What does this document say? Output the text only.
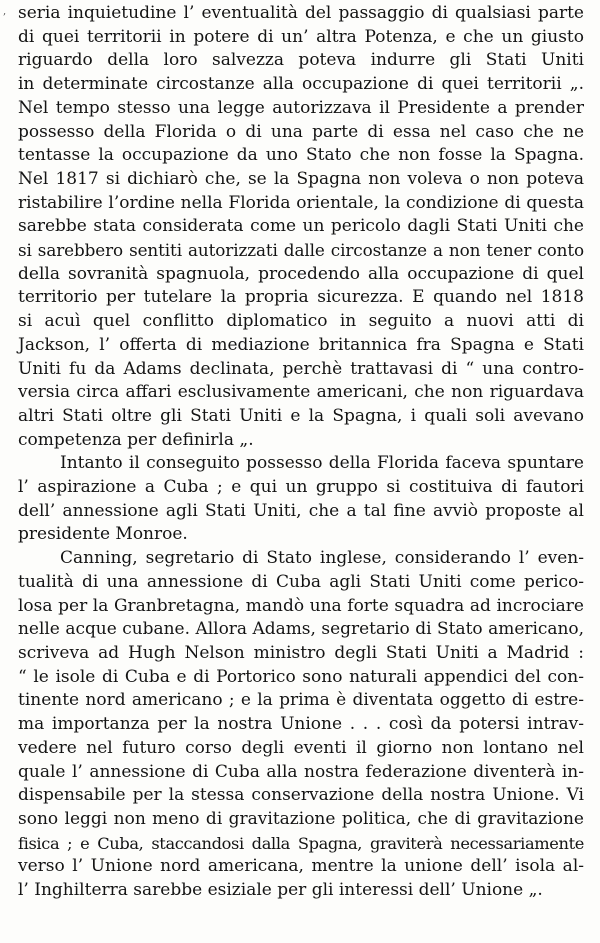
, seria inquietudine l’ eventualità del passaggio di qualsiasi parte
di quei territorii in potere di un’ altra Potenza, e che un giusto
riguardo della loro salvezza poteva indurre gli Stati Uniti
in determinate circostanze alla occupazione di quei territorii „.
Nel tempo stesso una legge autorizzava il Presidente a prender
possesso della Florida o di una parte di essa nel caso che ne
tentasse la occupazione da uno Stato che non fosse la Spagna.
Nel 1817 si dichiarò che, se la Spagna non voleva o non poteva
ristabilire l’ordine nella Florida orientale, la condizione di questa
sarebbe stata considerata come un pericolo dagli Stati Uniti che
si sarebbero sentiti autorizzati dalle circostanze a non tener conto
della sovranità spagnuola, procedendo alla occupazione di quel
territorio per tutelare la propria sicurezza. E quando nel 1818
si acuì quel conflitto diplomatico in seguito a nuovi atti di
Jackson, l’ offerta di mediazione britannica fra Spagna e Stati
Uniti fu da Adams declinata, perchè trattavasi di “ una contro-
versia circa affari esclusivamente americani, che non riguardava
altri Stati oltre gli Stati Uniti e la Spagna, i quali soli avevano
competenza per definirla „.

Intanto il conseguito possesso della Florida faceva spuntare
l’ aspirazione a Cuba ; e qui un gruppo si costituiva di fautori
dell’ annessione agli Stati Uniti, che a tal fine avviò proposte al
presidente Monroe.

Canning, segretario di Stato inglese, considerando l’ even-
tualità di una annessione di Cuba agli Stati Uniti come perico-
losa per la Granbretagna, mandò una forte squadra ad incrociare
nelle acque cubane. Allora Adams, segretario di Stato americano,
scriveva ad Hugh Nelson ministro degli Stati Uniti a Madrid :
“ le isole di Cuba e di Portorico sono naturali appendici del con-
tinente nord americano ; e la prima è diventata oggetto di estre-
ma importanza per la nostra Unione . . . così da potersi intrav-
vedere nel futuro corso degli eventi il giorno non lontano nel
quale l’ annessione di Cuba alla nostra federazione diventerà in-
dispensabile per la stessa conservazione della nostra Unione. Vi
sono leggi non meno di gravitazione politica, che di gravitazione
fisica ; e Cuba, staccandosi dalla Spagna, graviterà necessariamente
verso l’ Unione nord americana, mentre la unione dell’ isola al-
l’ Inghilterra sarebbe esiziale per gli interessi dell’ Unione „.
